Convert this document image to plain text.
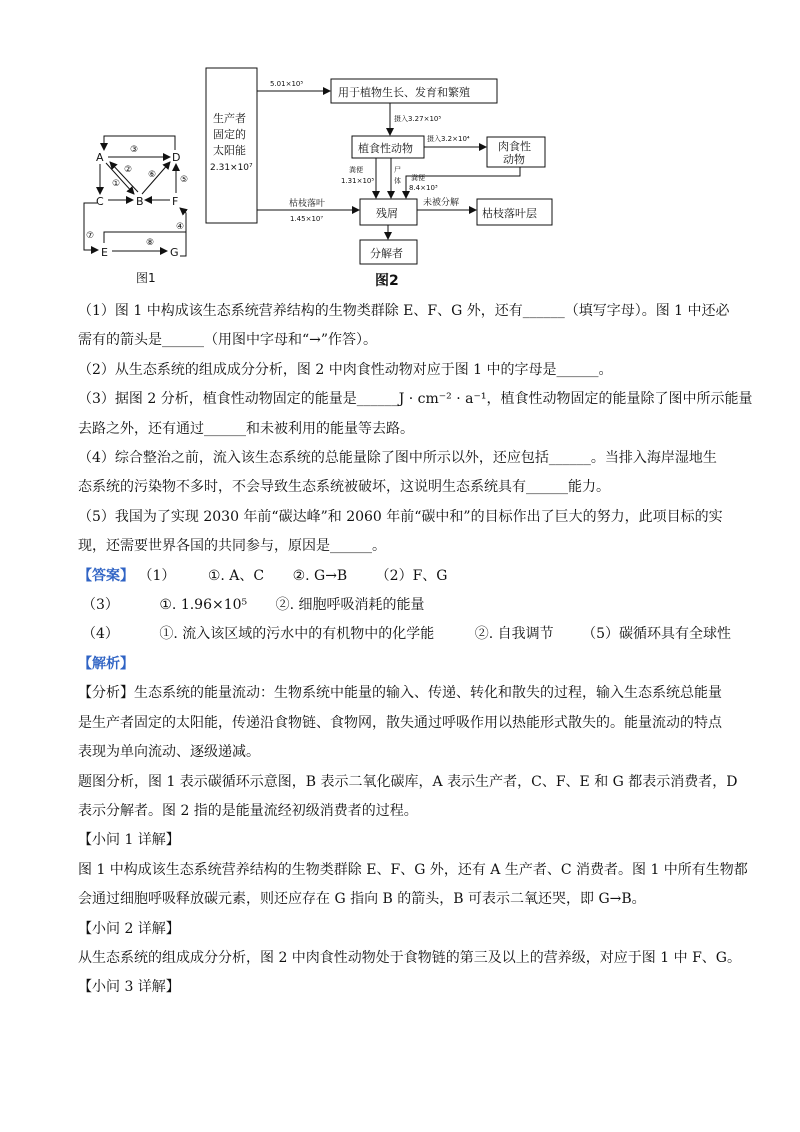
A	D
C	B	F
E	G
③
② ⑥
①	⑤
⑦
⑧
④
图1
生产者
固定的
太阳能
2.31×10⁷
5.01×10⁵
用于植物生长、发育和繁殖
摄入3.27×10⁵
植食性动物
摄入3.2×10⁴
肉食性
动物
粪便
1.31×10⁵
尸
体 粪便
8.4×10³
枯枝落叶
1.45×10⁷	残屑
未被分解
枯枝落叶层
分解者
图2

（1）图 1 中构成该生态系统营养结构的生物类群除 E、F、G 外，还有______（填写字母）。图 1 中还必

需有的箭头是______（用图中字母和“→”作答）。

（2）从生态系统的组成成分分析，图 2 中肉食性动物对应于图 1 中的字母是______。

（3）据图 2 分析，植食性动物固定的能量是______J · cm⁻² · a⁻¹，植食性动物固定的能量除了图中所示能量

去路之外，还有通过______和未被利用的能量等去路。

（4）综合整治之前，流入该生态系统的总能量除了图中所示以外，还应包括______。当排入海岸湿地生

态系统的污染物不多时，不会导致生态系统被破坏，这说明生态系统具有______能力。

（5）我国为了实现 2030 年前“碳达峰”和 2060 年前“碳中和”的目标作出了巨大的努力，此项目标的实

现，还需要世界各国的共同参与，原因是______。

【答案】 （1） ①. A、C ②. G→B （2）F、G

（3）	①. 1.96×10⁵ ②. 细胞呼吸消耗的能量

（4）	①. 流入该区域的污水中的有机物中的化学能	②. 自我调节 （5）碳循环具有全球性

【解析】

【分析】生态系统的能量流动：生物系统中能量的输入、传递、转化和散失的过程，输入生态系统总能量

是生产者固定的太阳能，传递沿食物链、食物网，散失通过呼吸作用以热能形式散失的。能量流动的特点

表现为单向流动、逐级递减。

题图分析，图 1 表示碳循环示意图，B 表示二氧化碳库，A 表示生产者，C、F、E 和 G 都表示消费者，D

表示分解者。图 2 指的是能量流经初级消费者的过程。

【小问 1 详解】

图 1 中构成该生态系统营养结构的生物类群除 E、F、G 外，还有 A 生产者、C 消费者。图 1 中所有生物都

会通过细胞呼吸释放碳元素，则还应存在 G 指向 B 的箭头，B 可表示二氧还哭，即 G→B。

【小问 2 详解】

从生态系统的组成成分分析，图 2 中肉食性动物处于食物链的第三及以上的营养级，对应于图 1 中 F、G。

【小问 3 详解】
